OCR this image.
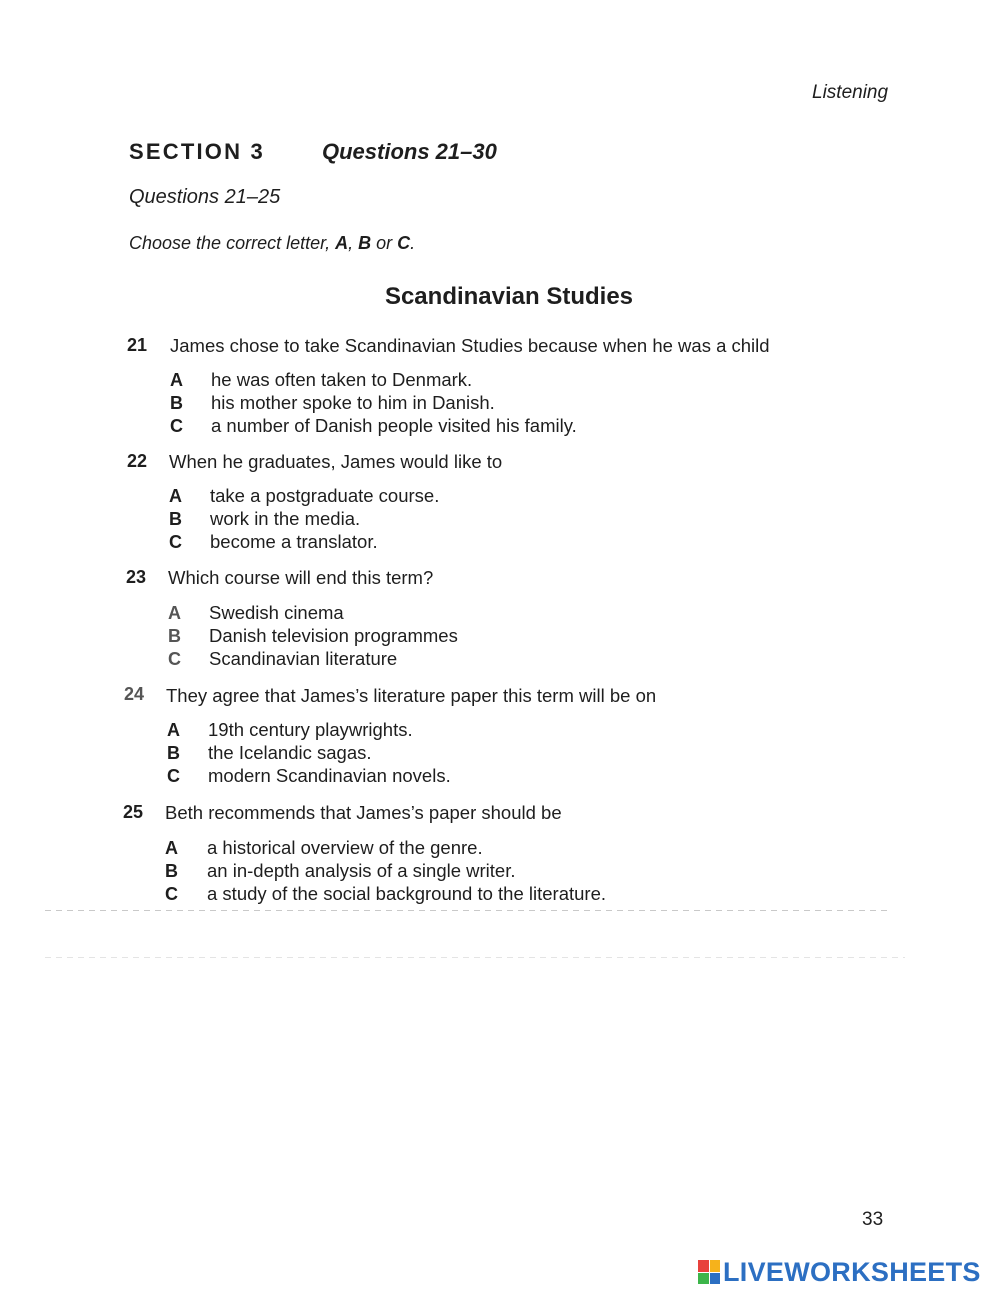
Listening
SECTION 3	Questions 21–30
Questions 21–25
Choose the correct letter, A, B or C.
Scandinavian Studies
21 James chose to take Scandinavian Studies because when he was a child
A he was often taken to Denmark.
B his mother spoke to him in Danish.
C a number of Danish people visited his family.
22 When he graduates, James would like to
A take a postgraduate course.
B work in the media.
C become a translator.
23 Which course will end this term?
A Swedish cinema
B Danish television programmes
C Scandinavian literature
24 They agree that James’s literature paper this term will be on
A 19th century playwrights.
B the Icelandic sagas.
C modern Scandinavian novels.
25 Beth recommends that James’s paper should be
A a historical overview of the genre.
B an in-depth analysis of a single writer.
C a study of the social background to the literature.
33
LIVEWORKSHEETS
